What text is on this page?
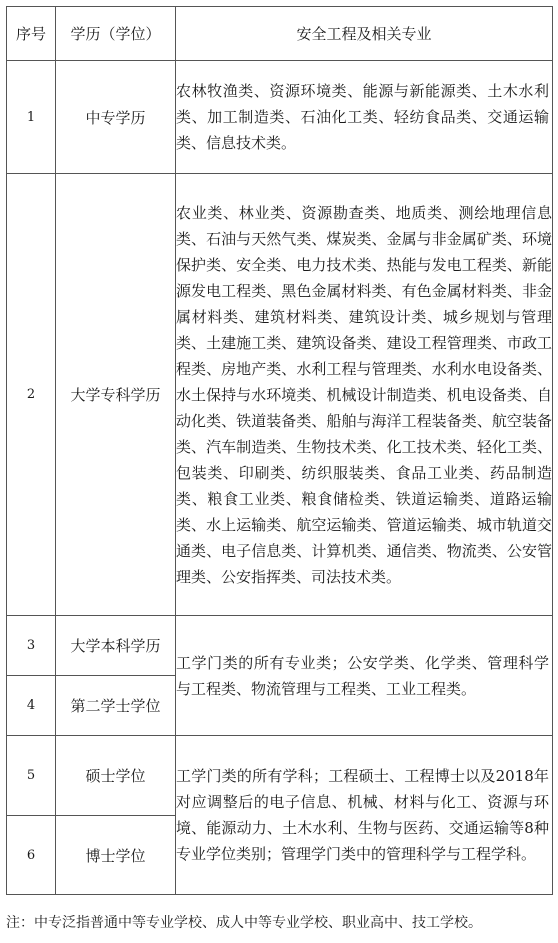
序号	学历（学位）	安全工程及相关专业
1	中专学历	农林牧渔类、资源环境类、能源与新能源类、土木水利类、加工制造类、石油化工类、轻纺食品类、交通运输类、信息技术类。
2	大学专科学历	农业类、林业类、资源勘查类、地质类、测绘地理信息类、石油与天然气类、煤炭类、金属与非金属矿类、环境保护类、安全类、电力技术类、热能与发电工程类、新能源发电工程类、黑色金属材料类、有色金属材料类、非金属材料类、建筑材料类、建筑设计类、城乡规划与管理类、土建施工类、建筑设备类、建设工程管理类、市政工程类、房地产类、水利工程与管理类、水利水电设备类、水土保持与水环境类、机械设计制造类、机电设备类、自动化类、铁道装备类、船舶与海洋工程装备类、航空装备类、汽车制造类、生物技术类、化工技术类、轻化工类、包装类、印刷类、纺织服装类、食品工业类、药品制造类、粮食工业类、粮食储检类、铁道运输类、道路运输类、水上运输类、航空运输类、管道运输类、城市轨道交通类、电子信息类、计算机类、通信类、物流类、公安管理类、公安指挥类、司法技术类。
3	大学本科学历	工学门类的所有专业类；公安学类、化学类、管理科学与工程类、物流管理与工程类、工业工程类。
4	第二学士学位	
5	硕士学位	工学门类的所有学科；工程硕士、工程博士以及2018年对应调整后的电子信息、机械、材料与化工、资源与环境、能源动力、土木水利、生物与医药、交通运输等8种专业学位类别；管理学门类中的管理科学与工程学科。
6	博士学位	
注：中专泛指普通中等专业学校、成人中等专业学校、职业高中、技工学校。
